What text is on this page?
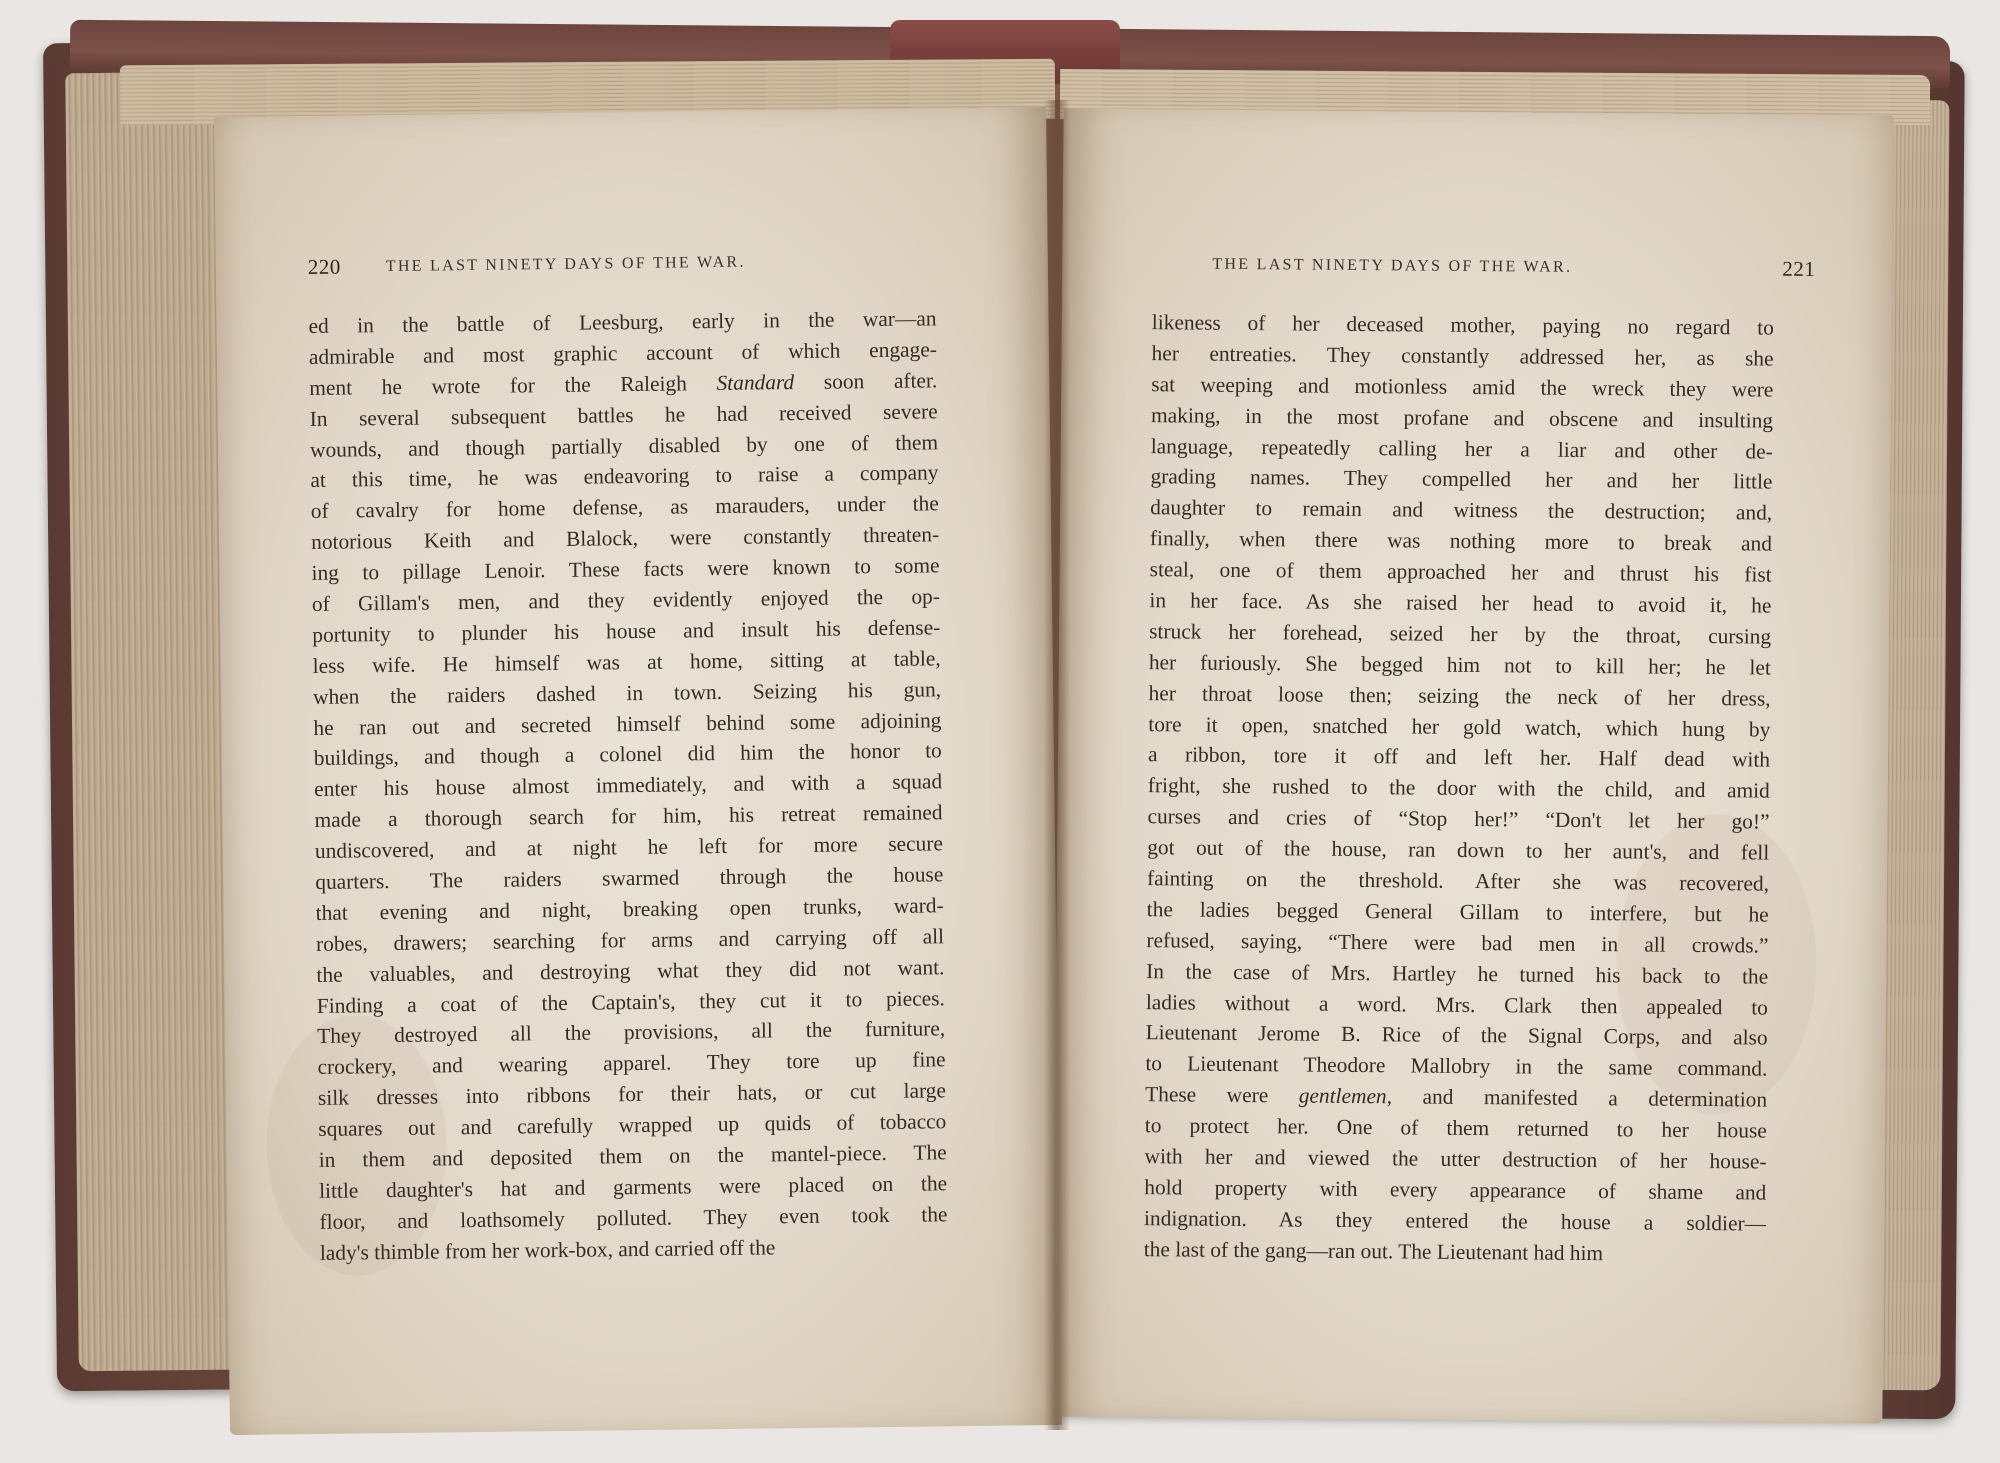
220	THE LAST NINETY DAYS OF THE WAR.
ed in the battle of Leesburg, early in the war—an
admirable and most graphic account of which engage-
ment he wrote for the Raleigh Standard soon after.
In several subsequent battles he had received severe
wounds, and though partially disabled by one of them
at this time, he was endeavoring to raise a company
of cavalry for home defense, as marauders, under the
notorious Keith and Blalock, were constantly threaten-
ing to pillage Lenoir. These facts were known to some
of Gillam's men, and they evidently enjoyed the op-
portunity to plunder his house and insult his defense-
less wife. He himself was at home, sitting at table,
when the raiders dashed in town. Seizing his gun,
he ran out and secreted himself behind some adjoining
buildings, and though a colonel did him the honor to
enter his house almost immediately, and with a squad
made a thorough search for him, his retreat remained
undiscovered, and at night he left for more secure
quarters. The raiders swarmed through the house
that evening and night, breaking open trunks, ward-
robes, drawers; searching for arms and carrying off all
the valuables, and destroying what they did not want.
Finding a coat of the Captain's, they cut it to pieces.
They destroyed all the provisions, all the furniture,
crockery, and wearing apparel. They tore up fine
silk dresses into ribbons for their hats, or cut large
squares out and carefully wrapped up quids of tobacco
in them and deposited them on the mantel-piece. The
little daughter's hat and garments were placed on the
floor, and loathsomely polluted. They even took the
lady's thimble from her work-box, and carried off the
THE LAST NINETY DAYS OF THE WAR.	221
likeness of her deceased mother, paying no regard to
her entreaties. They constantly addressed her, as she
sat weeping and motionless amid the wreck they were
making, in the most profane and obscene and insulting
language, repeatedly calling her a liar and other de-
grading names. They compelled her and her little
daughter to remain and witness the destruction; and,
finally, when there was nothing more to break and
steal, one of them approached her and thrust his fist
in her face. As she raised her head to avoid it, he
struck her forehead, seized her by the throat, cursing
her furiously. She begged him not to kill her; he let
her throat loose then; seizing the neck of her dress,
tore it open, snatched her gold watch, which hung by
a ribbon, tore it off and left her. Half dead with
fright, she rushed to the door with the child, and amid
curses and cries of “Stop her!” “Don't let her go!”
got out of the house, ran down to her aunt's, and fell
fainting on the threshold. After she was recovered,
the ladies begged General Gillam to interfere, but he
refused, saying, “There were bad men in all crowds.”
In the case of Mrs. Hartley he turned his back to the
ladies without a word. Mrs. Clark then appealed to
Lieutenant Jerome B. Rice of the Signal Corps, and also
to Lieutenant Theodore Mallobry in the same command.
These were gentlemen, and manifested a determination
to protect her. One of them returned to her house
with her and viewed the utter destruction of her house-
hold property with every appearance of shame and
indignation. As they entered the house a soldier—
the last of the gang—ran out. The Lieutenant had him
